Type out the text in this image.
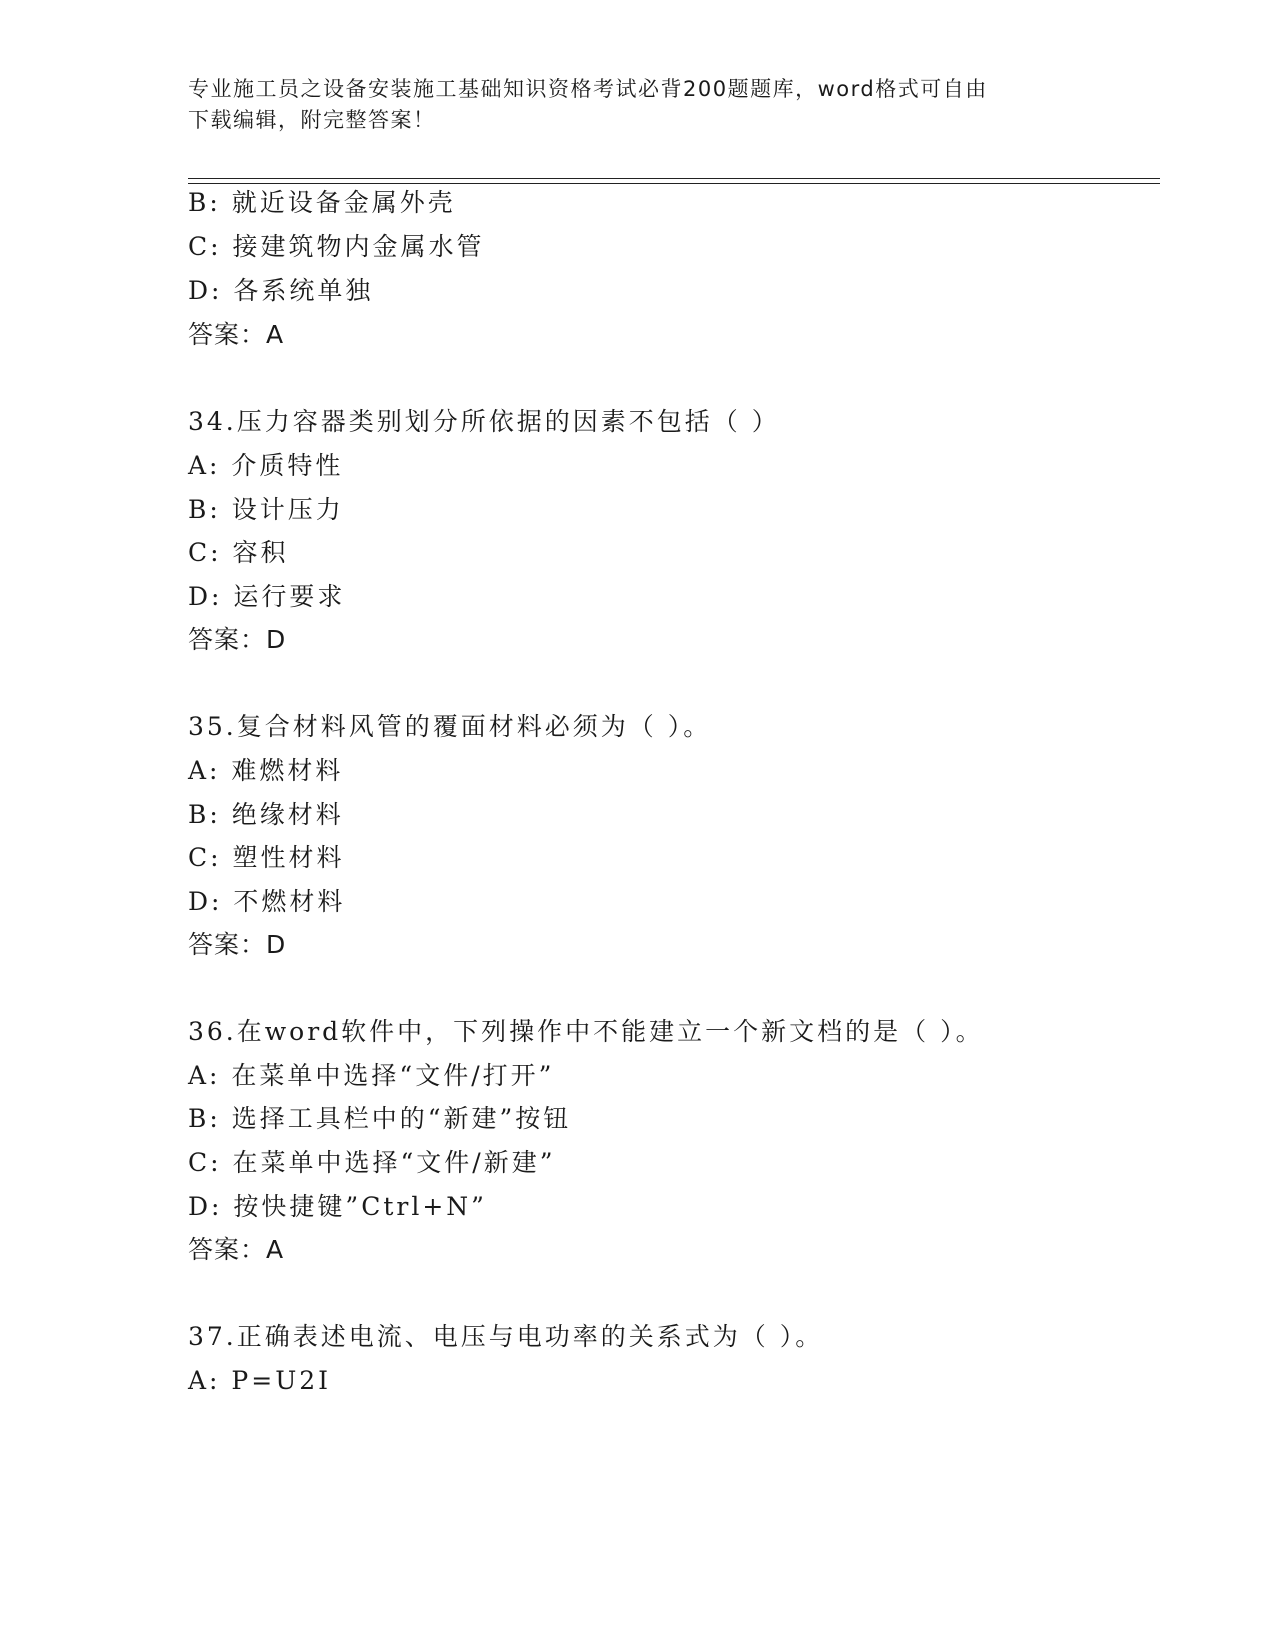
专业施工员之设备安装施工基础知识资格考试必背200题题库，word格式可自由
下载编辑，附完整答案！
B: 就近设备金属外壳
C: 接建筑物内金属水管
D: 各系统单独
答案：A
34.压力容器类别划分所依据的因素不包括（ ）
A: 介质特性
B: 设计压力
C: 容积
D: 运行要求
答案：D
35.复合材料风管的覆面材料必须为（ ）。
A: 难燃材料
B: 绝缘材料
C: 塑性材料
D: 不燃材料
答案：D
36.在word软件中，下列操作中不能建立一个新文档的是（ ）。
A: 在菜单中选择“文件/打开”
B: 选择工具栏中的“新建”按钮
C: 在菜单中选择“文件/新建”
D: 按快捷键”Ctrl+N”
答案：A
37.正确表述电流、电压与电功率的关系式为（ ）。
A: P=U2I
